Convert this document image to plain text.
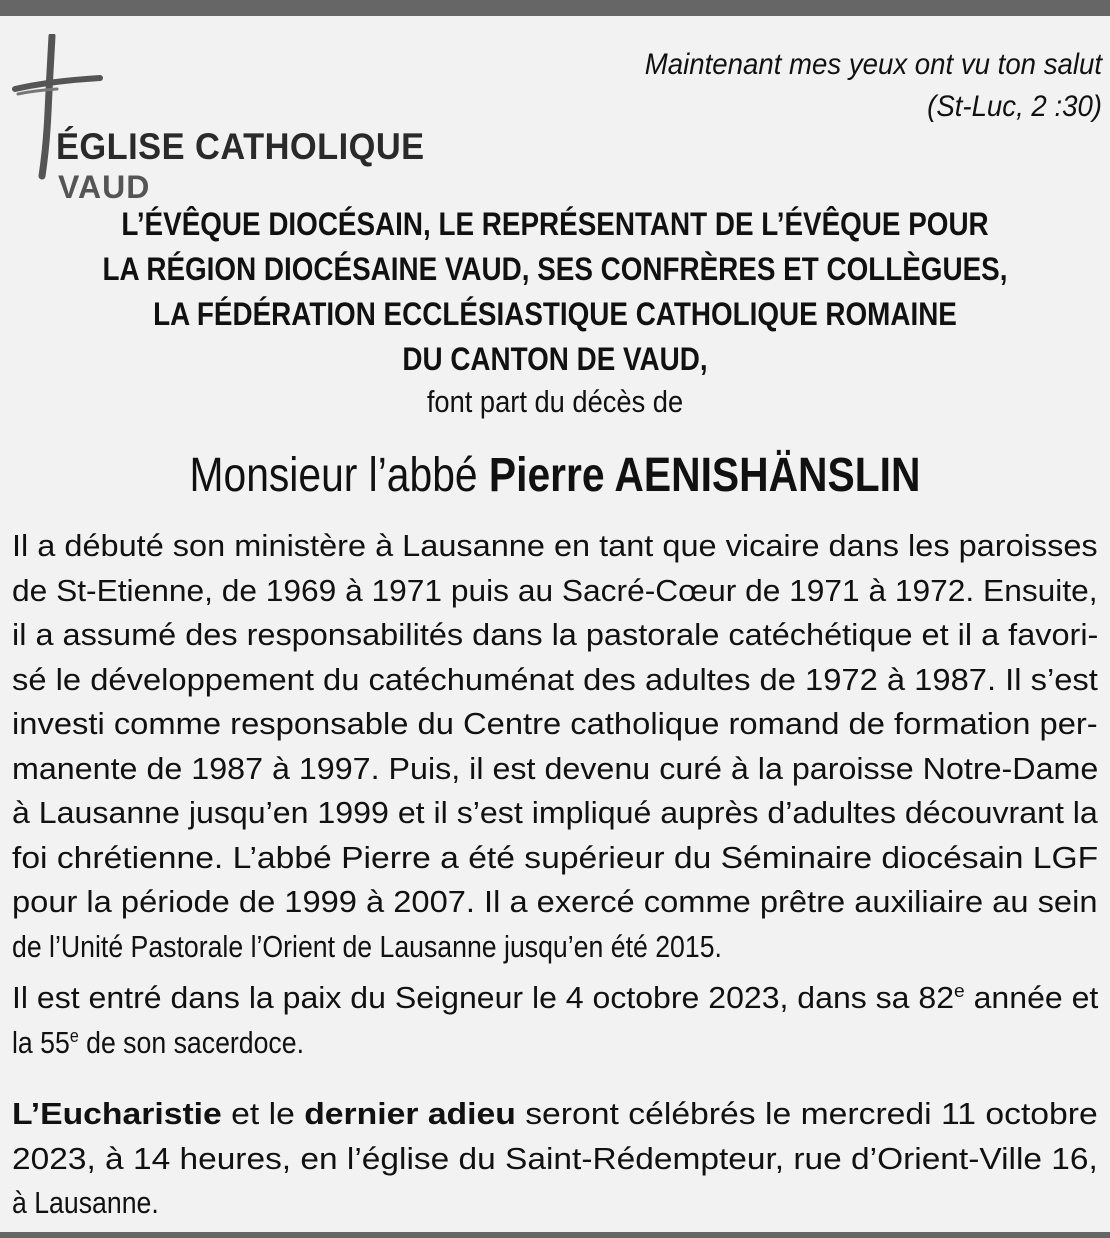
ÉGLISE CATHOLIQUE
VAUD
Maintenant mes yeux ont vu ton salut
(St-Luc, 2 :30)
L’ÉVÊQUE DIOCÉSAIN, LE REPRÉSENTANT DE L’ÉVÊQUE POUR
LA RÉGION DIOCÉSAINE VAUD, SES CONFRÈRES ET COLLÈGUES,
LA FÉDÉRATION ECCLÉSIASTIQUE CATHOLIQUE ROMAINE
DU CANTON DE VAUD,
font part du décès de
Monsieur l’abbé Pierre AENISHÄNSLIN
Il a débuté son ministère à Lausanne en tant que vicaire dans les paroisses
de St-Etienne, de 1969 à 1971 puis au Sacré-Cœur de 1971 à 1972. Ensuite,
il a assumé des responsabilités dans la pastorale catéchétique et il a favori-
sé le développement du catéchuménat des adultes de 1972 à 1987. Il s’est
investi comme responsable du Centre catholique romand de formation per-
manente de 1987 à 1997. Puis, il est devenu curé à la paroisse Notre-Dame
à Lausanne jusqu’en 1999 et il s’est impliqué auprès d’adultes découvrant la
foi chrétienne. L’abbé Pierre a été supérieur du Séminaire diocésain LGF
pour la période de 1999 à 2007. Il a exercé comme prêtre auxiliaire au sein
de l’Unité Pastorale l’Orient de Lausanne jusqu’en été 2015.
Il est entré dans la paix du Seigneur le 4 octobre 2023, dans sa 82e année et
la 55e de son sacerdoce.
L’Eucharistie et le dernier adieu seront célébrés le mercredi 11 octobre
2023, à 14 heures, en l’église du Saint-Rédempteur, rue d’Orient-Ville 16,
à Lausanne.
